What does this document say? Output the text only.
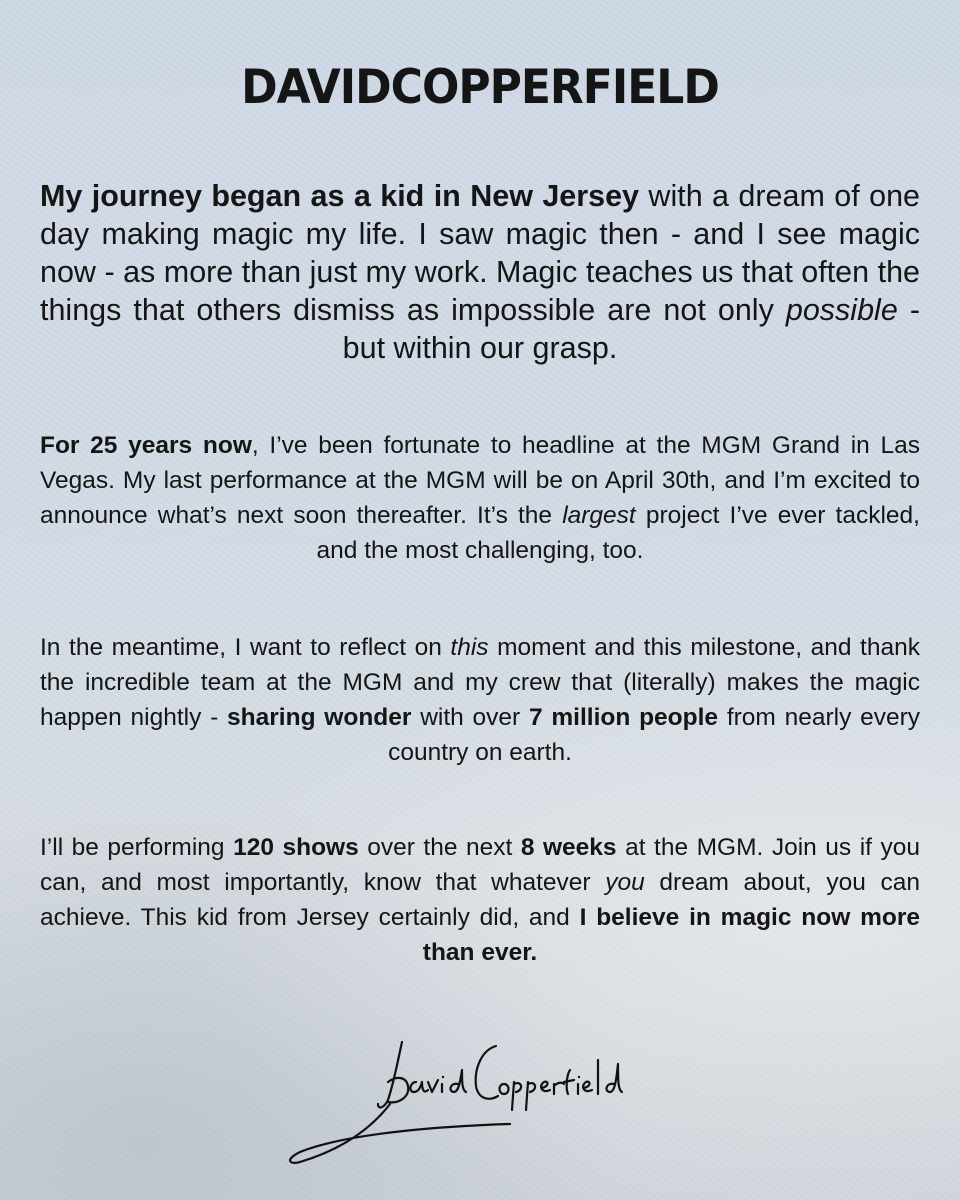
DAVIDCOPPERFIELD

My journey began as a kid in New Jersey with a dream of one day making magic my life. I saw magic then - and I see magic now - as more than just my work. Magic teaches us that often the things that others dismiss as impossible are not only possible - but within our grasp.

For 25 years now, I’ve been fortunate to headline at the MGM Grand in Las Vegas. My last performance at the MGM will be on April 30th, and I’m excited to announce what’s next soon thereafter. It’s the largest project I’ve ever tackled, and the most challenging, too.

In the meantime, I want to reflect on this moment and this milestone, and thank the incredible team at the MGM and my crew that (literally) makes the magic happen nightly - sharing wonder with over 7 million people from nearly every country on earth.

I’ll be performing 120 shows over the next 8 weeks at the MGM. Join us if you can, and most importantly, know that whatever you dream about, you can achieve. This kid from Jersey certainly did, and I believe in magic now more than ever.
